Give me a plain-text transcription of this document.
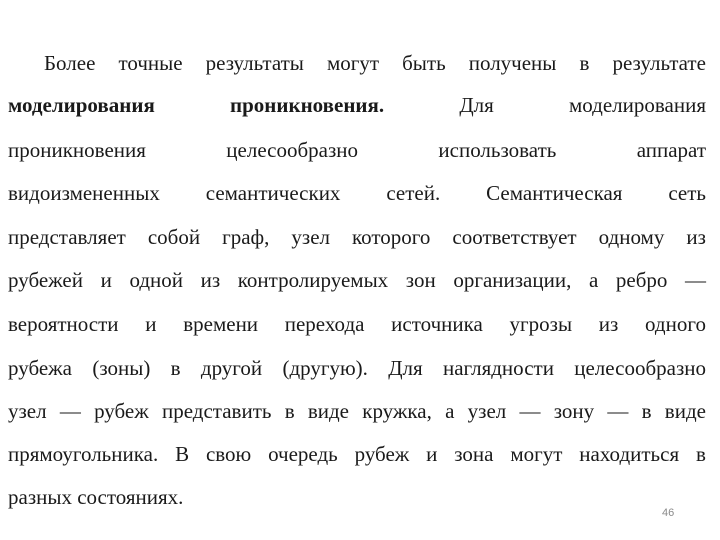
Более точные результаты могут быть получены в результате
моделирования	проникновения.	Для	моделирования
проникновения	целесообразно	использовать	аппарат
видоизмененных семантических сетей. Семантическая сеть
представляет собой граф, узел которого соответствует одному из
рубежей и одной из контролируемых зон организации, а ребро —
вероятности и времени перехода источника угрозы из одного
рубежа (зоны) в другой (другую). Для наглядности целесообразно
узел — рубеж представить в виде кружка, а узел — зону — в виде
прямоугольника. В свою очередь рубеж и зона могут находиться в
разных состояниях.
46
